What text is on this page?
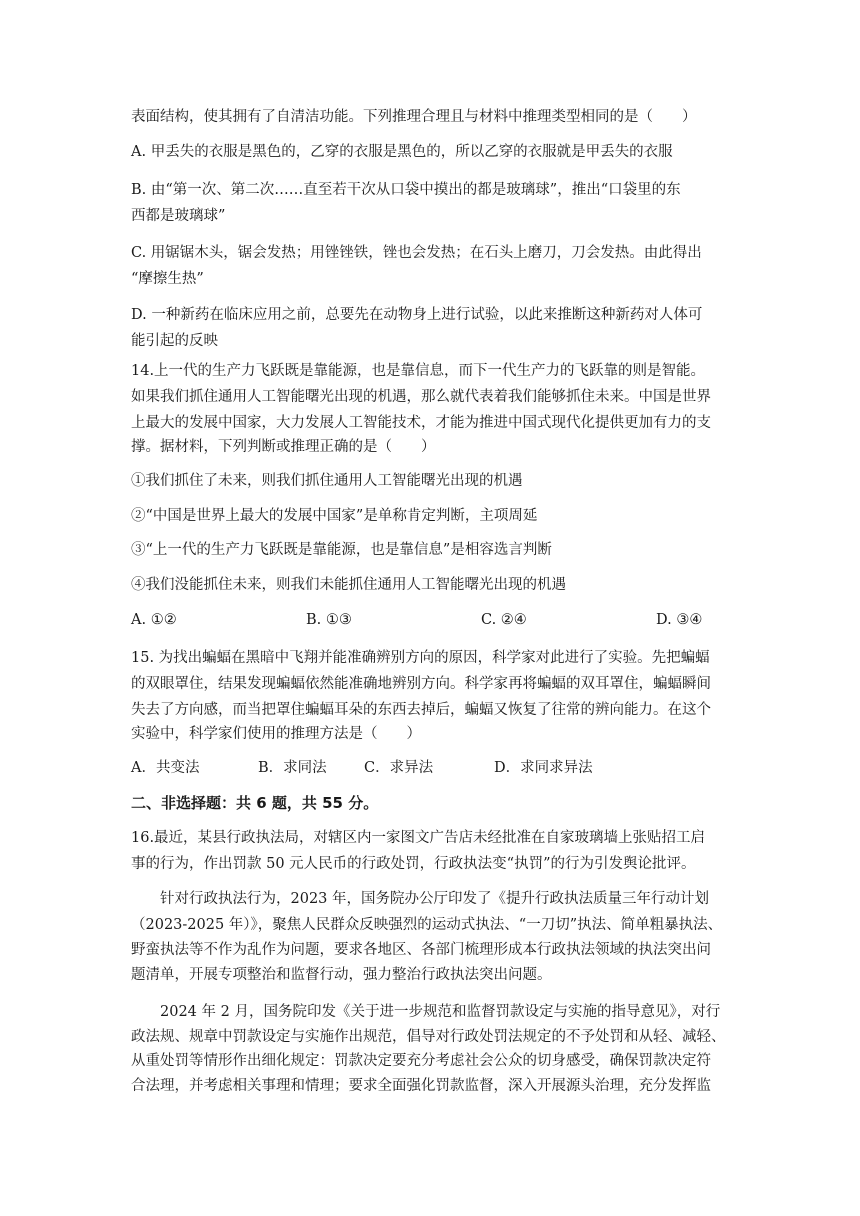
表面结构，使其拥有了自清洁功能。下列推理合理且与材料中推理类型相同的是（　　）
A. 甲丢失的衣服是黑色的，乙穿的衣服是黑色的，所以乙穿的衣服就是甲丢失的衣服
B. 由“第一次、第二次……直至若干次从口袋中摸出的都是玻璃球”，推出“口袋里的东
西都是玻璃球”
C. 用锯锯木头，锯会发热；用锉锉铁，锉也会发热；在石头上磨刀，刀会发热。由此得出
“摩擦生热”
D. 一种新药在临床应用之前，总要先在动物身上进行试验，以此来推断这种新药对人体可
能引起的反映
14.上一代的生产力飞跃既是靠能源，也是靠信息，而下一代生产力的飞跃靠的则是智能。
如果我们抓住通用人工智能曙光出现的机遇，那么就代表着我们能够抓住未来。中国是世界
上最大的发展中国家，大力发展人工智能技术，才能为推进中国式现代化提供更加有力的支
撑。据材料，下列判断或推理正确的是（　　）
①我们抓住了未来，则我们抓住通用人工智能曙光出现的机遇
②“中国是世界上最大的发展中国家”是单称肯定判断，主项周延
③“上一代的生产力飞跃既是靠能源，也是靠信息”是相容选言判断
④我们没能抓住未来，则我们未能抓住通用人工智能曙光出现的机遇
A. ①②	B. ①③	C. ②④	D. ③④
15. 为找出蝙蝠在黑暗中飞翔并能准确辨别方向的原因，科学家对此进行了实验。先把蝙蝠
的双眼罩住，结果发现蝙蝠依然能准确地辨别方向。科学家再将蝙蝠的双耳罩住，蝙蝠瞬间
失去了方向感，而当把罩住蝙蝠耳朵的东西去掉后，蝙蝠又恢复了往常的辨向能力。在这个
实验中，科学家们使用的推理方法是（　　）
A．共变法	B．求同法	C．求异法	D．求同求异法
二、非选择题：共 6 题，共 55 分。
16.最近，某县行政执法局，对辖区内一家图文广告店未经批准在自家玻璃墙上张贴招工启
事的行为，作出罚款 50 元人民币的行政处罚，行政执法变“执罚”的行为引发舆论批评。
针对行政执法行为，2023 年，国务院办公厅印发了《提升行政执法质量三年行动计划
（2023-2025 年）》，聚焦人民群众反映强烈的运动式执法、“一刀切”执法、简单粗暴执法、
野蛮执法等不作为乱作为问题，要求各地区、各部门梳理形成本行政执法领域的执法突出问
题清单，开展专项整治和监督行动，强力整治行政执法突出问题。
2024 年 2 月，国务院印发《关于进一步规范和监督罚款设定与实施的指导意见》，对行
政法规、规章中罚款设定与实施作出规范，倡导对行政处罚法规定的不予处罚和从轻、减轻、
从重处罚等情形作出细化规定：罚款决定要充分考虑社会公众的切身感受，确保罚款决定符
合法理，并考虑相关事理和情理；要求全面强化罚款监督，深入开展源头治理，充分发挥监
